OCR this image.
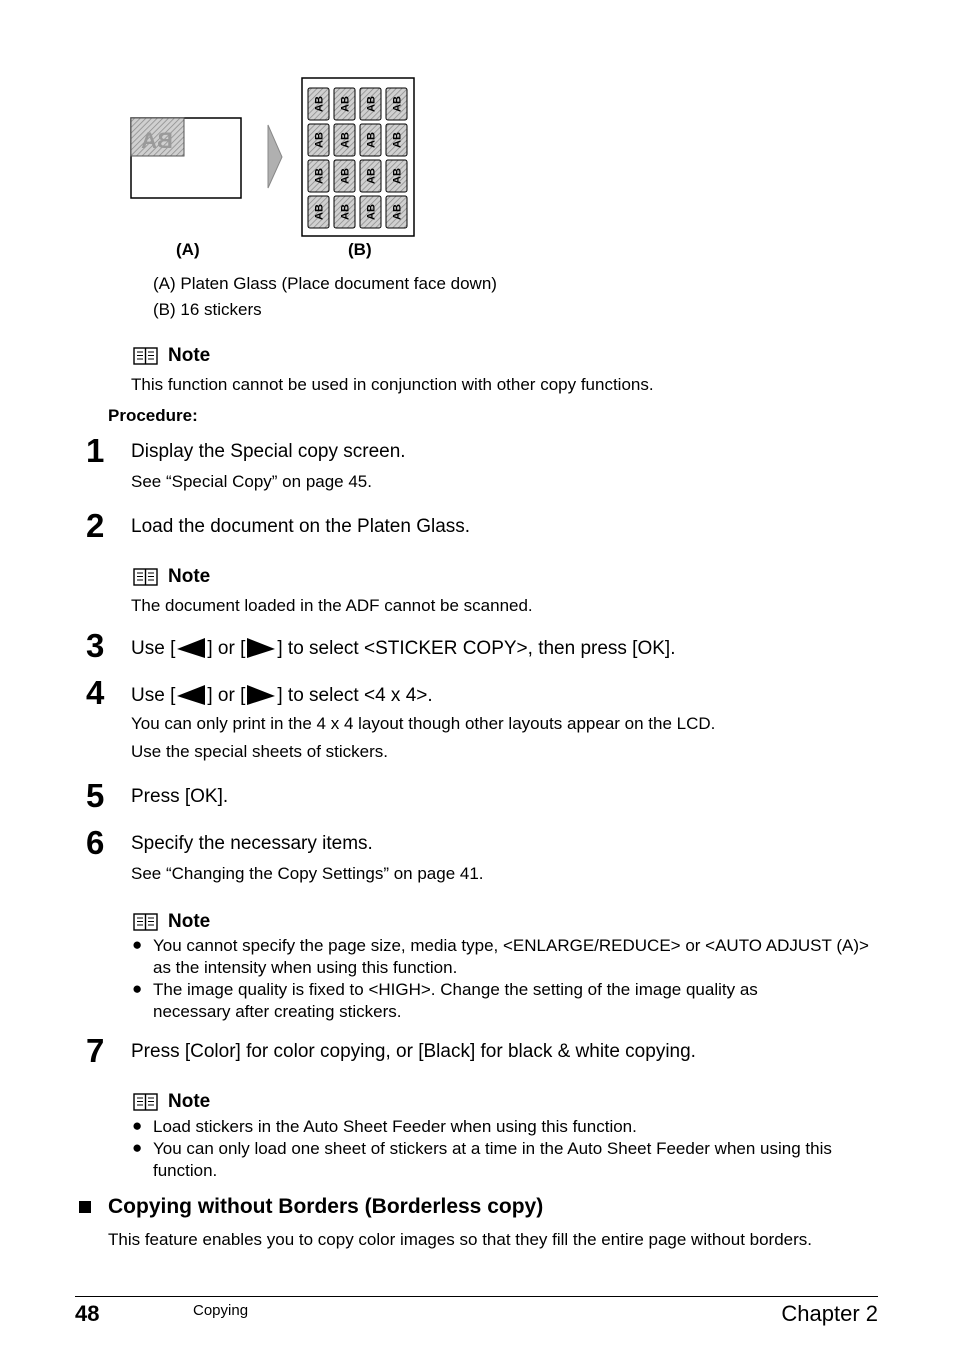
BA
AB AB AB AB
AB AB AB AB
AB AB AB AB
AB AB AB AB
(A)	(B)
(A) Platen Glass (Place document face down)
(B) 16 stickers
Note
This function cannot be used in conjunction with other copy functions.
Procedure:
1 Display the Special copy screen.
See “Special Copy” on page 45.
2 Load the document on the Platen Glass.
Note
The document loaded in the ADF cannot be scanned.
3 Use [ ] or [ ] to select <STICKER COPY>, then press [OK].
4 Use [ ] or [ ] to select <4 x 4>.
You can only print in the 4 x 4 layout though other layouts appear on the LCD.
Use the special sheets of stickers.
5 Press [OK].
6 Specify the necessary items.
See “Changing the Copy Settings” on page 41.
Note
● You cannot specify the page size, media type, <ENLARGE/REDUCE> or <AUTO ADJUST (A)> as the intensity when using this function.
● The image quality is fixed to <HIGH>. Change the setting of the image quality as necessary after creating stickers.
7 Press [Color] for color copying, or [Black] for black & white copying.
Note
● Load stickers in the Auto Sheet Feeder when using this function.
● You can only load one sheet of stickers at a time in the Auto Sheet Feeder when using this function.
Copying without Borders (Borderless copy)
This feature enables you to copy color images so that they fill the entire page without borders.
48	Copying	Chapter 2
